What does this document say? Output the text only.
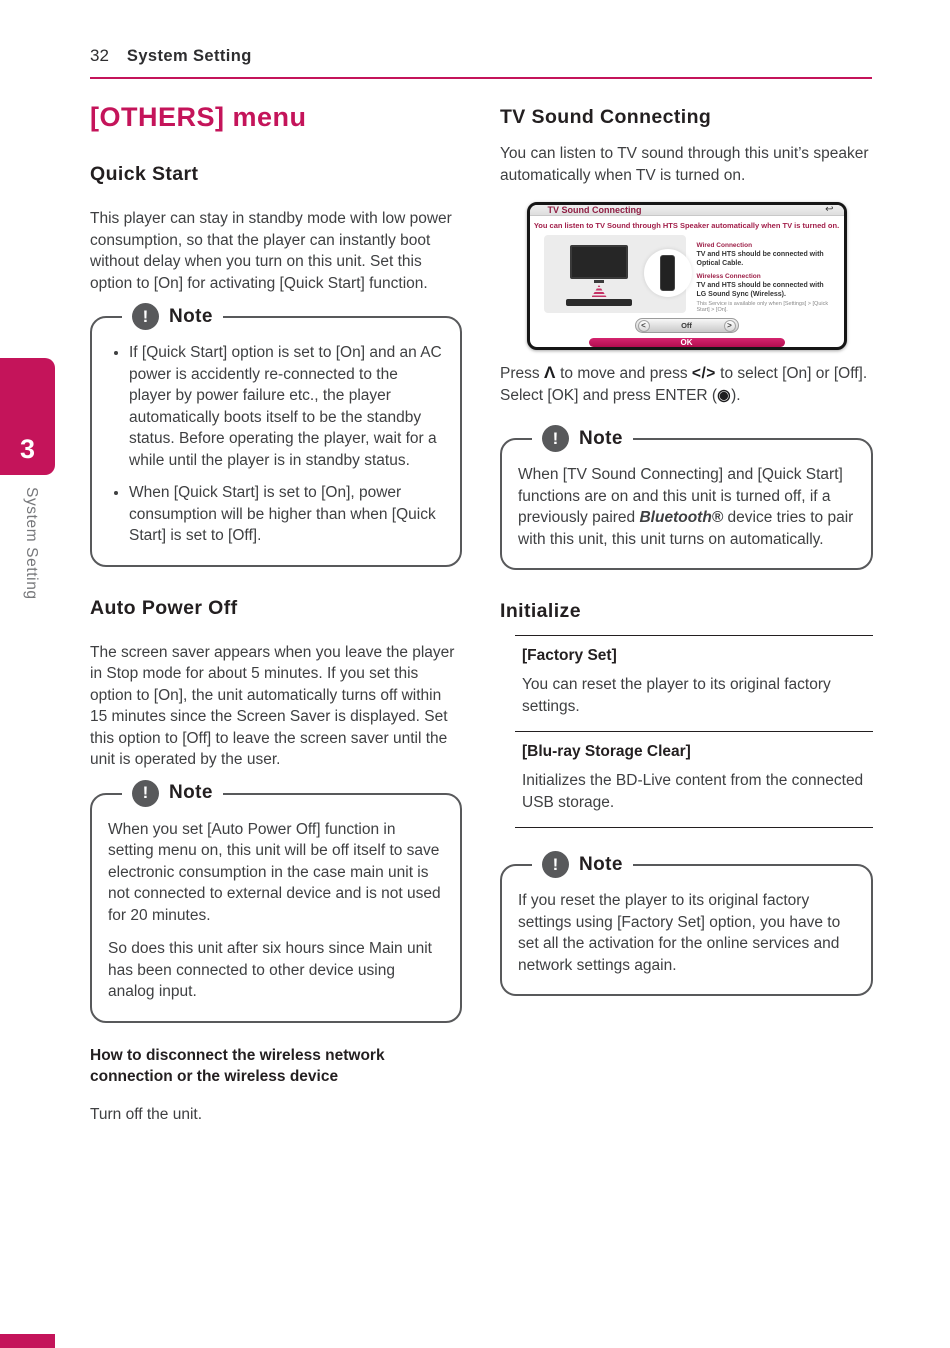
32 System Setting
3
System Setting
[OTHERS] menu
Quick Start

This player can stay in standby mode with low power consumption, so that the player can instantly boot without delay when you turn on this unit. Set this option to [On] for activating [Quick Start] function.

!	Note
• If [Quick Start] option is set to [On] and an AC power is accidently re-connected to the player by power failure etc., the player automatically boots itself to be the standby status. Before operating the player, wait for a while until the player is in standby status.
• When [Quick Start] is set to [On], power consumption will be higher than when [Quick Start] is set to [Off].
Auto Power Off

The screen saver appears when you leave the player in Stop mode for about 5 minutes. If you set this option to [On], the unit automatically turns off within 15 minutes since the Screen Saver is displayed. Set this option to [Off] to leave the screen saver until the unit is operated by the user.

!	Note

When you set [Auto Power Off] function in setting menu on, this unit will be off itself to save electronic consumption in the case main unit is not connected to external device and is not used for 20 minutes.

So does this unit after six hours since Main unit has been connected to other device using analog input.

How to disconnect the wireless network connection or the wireless device

Turn off the unit.

TV Sound Connecting

You can listen to TV sound through this unit’s speaker automatically when TV is turned on.

TV Sound Connecting	↩
You can listen to TV Sound through HTS Speaker automatically when TV is turned on.
Wired Connection
TV and HTS should be connected with Optical Cable.
Wireless Connection
TV and HTS should be connected with LG Sound Sync (Wireless).
This Service is available only when [Settings] > [Quick Start] > [On].
<	Off	>
OK

Press Λ to move and press </> to select [On] or [Off]. Select [OK] and press ENTER (◉).

!	Note

When [TV Sound Connecting] and [Quick Start] functions are on and this unit is turned off, if a previously paired Bluetooth® device tries to pair with this unit, this unit turns on automatically.

Initialize
[Factory Set]
You can reset the player to its original factory settings.
[Blu-ray Storage Clear]
Initializes the BD-Live content from the connected USB storage.
!	Note

If you reset the player to its original factory settings using [Factory Set] option, you have to set all the activation for the online services and network settings again.
